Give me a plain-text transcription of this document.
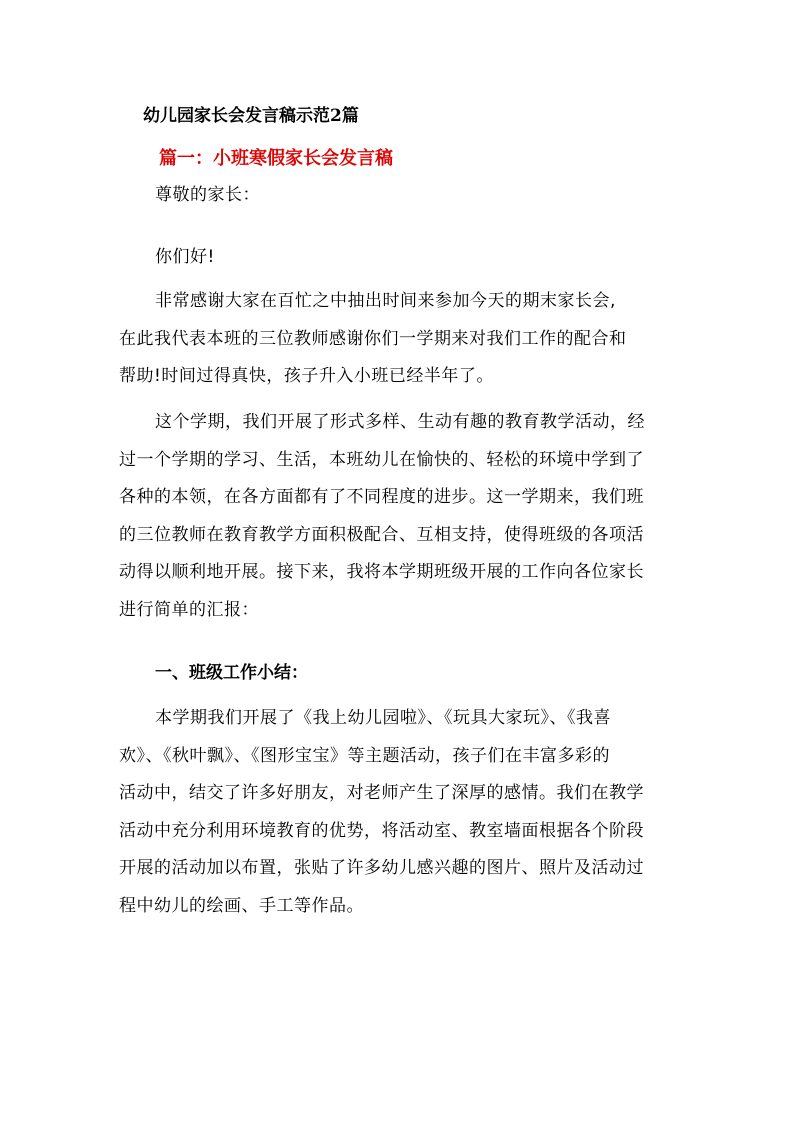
幼儿园家长会发言稿示范2篇
篇一：小班寒假家长会发言稿

尊敬的家长：

你们好!

非常感谢大家在百忙之中抽出时间来参加今天的期末家长会,
在此我代表本班的三位教师感谢你们一学期来对我们工作的配合和
帮助!时间过得真快，孩子升入小班已经半年了。
这个学期，我们开展了形式多样、生动有趣的教育教学活动，经
过一个学期的学习、生活，本班幼儿在愉快的、轻松的环境中学到了
各种的本领，在各方面都有了不同程度的进步。这一学期来，我们班
的三位教师在教育教学方面积极配合、互相支持，使得班级的各项活
动得以顺利地开展。接下来，我将本学期班级开展的工作向各位家长
进行简单的汇报：
一、班级工作小结：
本学期我们开展了《我上幼儿园啦》、《玩具大家玩》、《我喜
欢》、《秋叶飘》、《图形宝宝》等主题活动，孩子们在丰富多彩的
活动中，结交了许多好朋友，对老师产生了深厚的感情。我们在教学
活动中充分利用环境教育的优势，将活动室、教室墙面根据各个阶段
开展的活动加以布置，张贴了许多幼儿感兴趣的图片、照片及活动过
程中幼儿的绘画、手工等作品。
